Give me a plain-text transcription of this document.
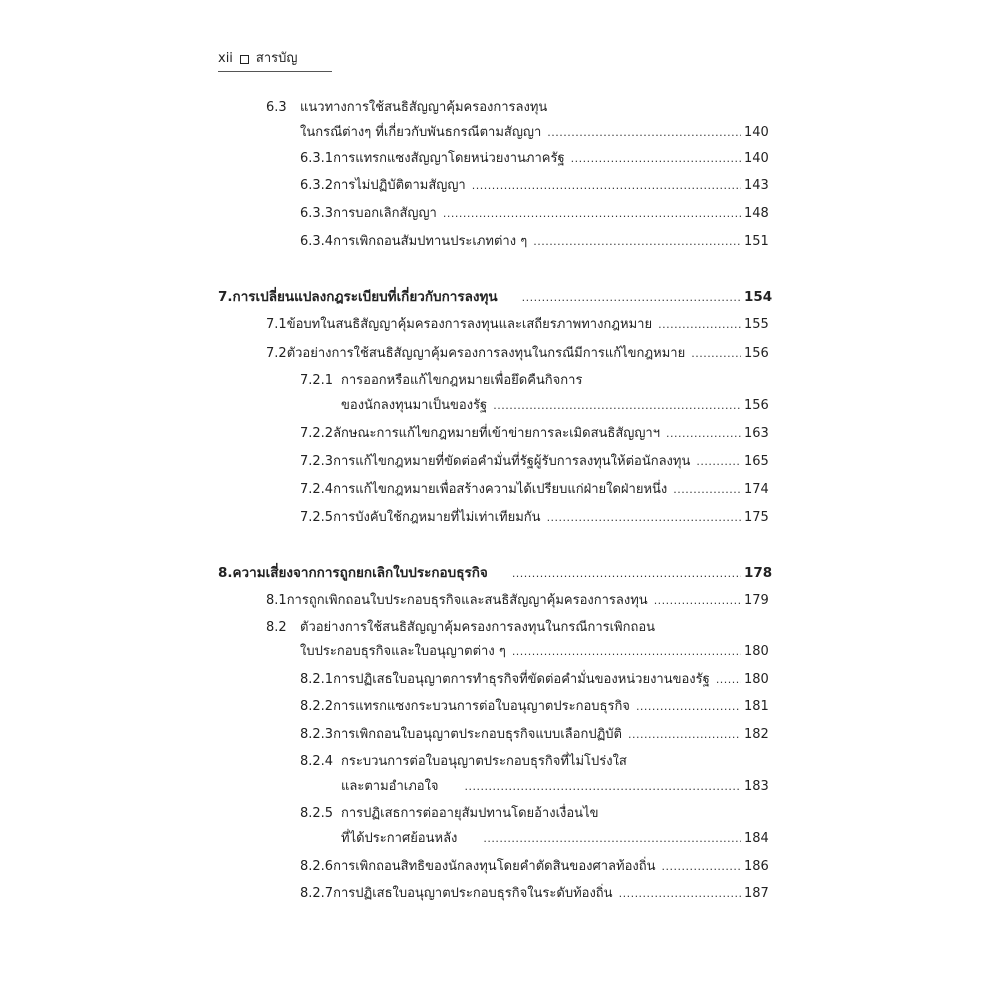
xii สารบัญ
6.3 แนวทางการใช้สนธิสัญญาคุ้มครองการลงทุน
ในกรณีต่างๆ ที่เกี่ยวกับพันธกรณีตามสัญญา .....	140
6.3.1 การแทรกแซงสัญญาโดยหน่วยงานภาครัฐ .....	140
6.3.2 การไม่ปฏิบัติตามสัญญา .....	143
6.3.3 การบอกเลิกสัญญา .....	148
6.3.4 การเพิกถอนสัมปทานประเภทต่าง ๆ .....	151
7. การเปลี่ยนแปลงกฎระเบียบที่เกี่ยวกับการลงทุน .....	154
7.1 ข้อบทในสนธิสัญญาคุ้มครองการลงทุนและเสถียรภาพทางกฎหมาย .....	155
7.2 ตัวอย่างการใช้สนธิสัญญาคุ้มครองการลงทุนในกรณีมีการแก้ไขกฎหมาย .....	156
7.2.1 การออกหรือแก้ไขกฎหมายเพื่อยึดคืนกิจการ
ของนักลงทุนมาเป็นของรัฐ .....	156
7.2.2 ลักษณะการแก้ไขกฎหมายที่เข้าข่ายการละเมิดสนธิสัญญาฯ .....	163
7.2.3 การแก้ไขกฎหมายที่ขัดต่อคำมั่นที่รัฐผู้รับการลงทุนให้ต่อนักลงทุน .....	165
7.2.4 การแก้ไขกฎหมายเพื่อสร้างความได้เปรียบแก่ฝ่ายใดฝ่ายหนึ่ง .....	174
7.2.5 การบังคับใช้กฎหมายที่ไม่เท่าเทียมกัน .....	175
8. ความเสี่ยงจากการถูกยกเลิกใบประกอบธุรกิจ .....	178
8.1 การถูกเพิกถอนใบประกอบธุรกิจและสนธิสัญญาคุ้มครองการลงทุน .....	179
8.2 ตัวอย่างการใช้สนธิสัญญาคุ้มครองการลงทุนในกรณีการเพิกถอน
ใบประกอบธุรกิจและใบอนุญาตต่าง ๆ .....	180
8.2.1 การปฏิเสธใบอนุญาตการทำธุรกิจที่ขัดต่อคำมั่นของหน่วยงานของรัฐ .....	180
8.2.2 การแทรกแซงกระบวนการต่อใบอนุญาตประกอบธุรกิจ .....	181
8.2.3 การเพิกถอนใบอนุญาตประกอบธุรกิจแบบเลือกปฏิบัติ .....	182
8.2.4 กระบวนการต่อใบอนุญาตประกอบธุรกิจที่ไม่โปร่งใส
และตามอำเภอใจ .....	183
8.2.5 การปฏิเสธการต่ออายุสัมปทานโดยอ้างเงื่อนไข
ที่ได้ประกาศย้อนหลัง .....	184
8.2.6 การเพิกถอนสิทธิของนักลงทุนโดยคำตัดสินของศาลท้องถิ่น .....	186
8.2.7 การปฏิเสธใบอนุญาตประกอบธุรกิจในระดับท้องถิ่น .....	187
